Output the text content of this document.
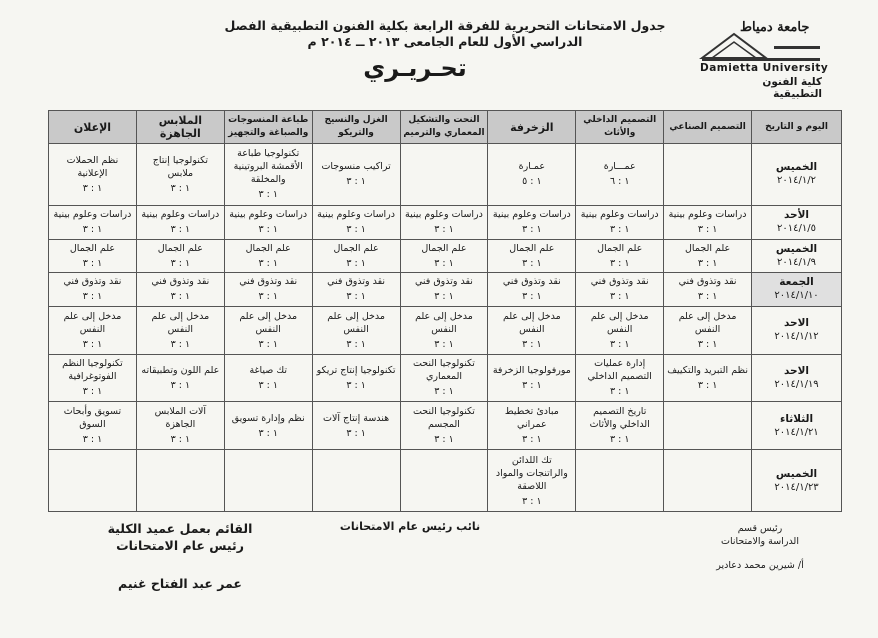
جدول الامتحانات التحريرية للفرقة الرابعة بكلية الفنون التطبيقية الفصل الدراسي الأول للعام الجامعى ٢٠١٣ ــ ٢٠١٤ م
تحـريـري
جامعة دمياط
Damietta University
كلية الفنون التطبيقية
اليوم و التاريخ	التصميم الصناعي	التصميم الداخلي والأثاث	الزخرفة	النحت والتشكيل المعماري والترميم	الغزل والنسيج والتريكو	طباعة المنسوجات والصباغة والتجهيز	الملابس الجاهزة	الإعلان

الخميس
٢٠١٤/١/٢		عمـــارة
١ : ٦	عمـارة
١ : ٥		تراكيب منسوجات
١ : ٣	تكنولوجيا طباعة الأقمشة البروتينية والمخلقة
١ : ٣	تكنولوجيا إنتاج ملابس
١ : ٣	نظم الحملات الإعلانية
١ : ٣

الأحد
٢٠١٤/١/٥	دراسات وعلوم بينية
١ : ٣	دراسات وعلوم بينية
١ : ٣	دراسات وعلوم بينية
١ : ٣	دراسات وعلوم بينية
١ : ٣	دراسات وعلوم بينية
١ : ٣	دراسات وعلوم بينية
١ : ٣	دراسات وعلوم بينية
١ : ٣	دراسات وعلوم بينية
١ : ٣

الخميس
٢٠١٤/١/٩	علم الجمال
١ : ٣	علم الجمال
١ : ٣	علم الجمال
١ : ٣	علم الجمال
١ : ٣	علم الجمال
١ : ٣	علم الجمال
١ : ٣	علم الجمال
١ : ٣	علم الجمال
١ : ٣

الجمعة
٢٠١٤/١/١٠	نقد وتذوق فني
١ : ٣	نقد وتذوق فني
١ : ٣	نقد وتذوق فني
١ : ٣	نقد وتذوق فني
١ : ٣	نقد وتذوق فني
١ : ٣	نقد وتذوق فني
١ : ٣	نقد وتذوق فني
١ : ٣	نقد وتذوق فني
١ : ٣

الاحد
٢٠١٤/١/١٢	مدخل إلى علم النفس
١ : ٣	مدخل إلى علم النفس
١ : ٣	مدخل إلى علم النفس
١ : ٣	مدخل إلى علم النفس
١ : ٣	مدخل إلى علم النفس
١ : ٣	مدخل إلى علم النفس
١ : ٣	مدخل إلى علم النفس
١ : ٣	مدخل إلى علم النفس
١ : ٣

الاحد
٢٠١٤/١/١٩	نظم التبريد والتكييف
١ : ٣	إدارة عمليات التصميم الداخلي
١ : ٣	مورفولوجيا الزخرفة
١ : ٣	تكنولوجيا النحت المعماري
١ : ٣	تكنولوجيا إنتاج تريكو
١ : ٣	تك صياغة
١ : ٣	علم اللون وتطبيقاته
١ : ٣	تكنولوجيا النظم الفوتوغرافية
١ : ٣

الثلاثاء
٢٠١٤/١/٢١		تاريخ التصميم الداخلي والأثاث
١ : ٣	مبادئ تخطيط عمراني
١ : ٣	تكنولوجيا النحت المجسم
١ : ٣	هندسة إنتاج آلات
١ : ٣	نظم وإدارة تسويق
١ : ٣	آلات الملابس الجاهزة
١ : ٣	تسويق وأبحاث السوق
١ : ٣

الخميس
٢٠١٤/١/٢٣			تك اللدائن والراتنجات والمواد اللاصقة
١ : ٣					

القائم بعمل عميد الكلية
رئيس عام الامتحانات
عمر عبد الفتاح غنيم
نائب رئيس عام الامتحانات	رئيس قسم
الدراسة والامتحانات
أ/ شيرين محمد دعادير
